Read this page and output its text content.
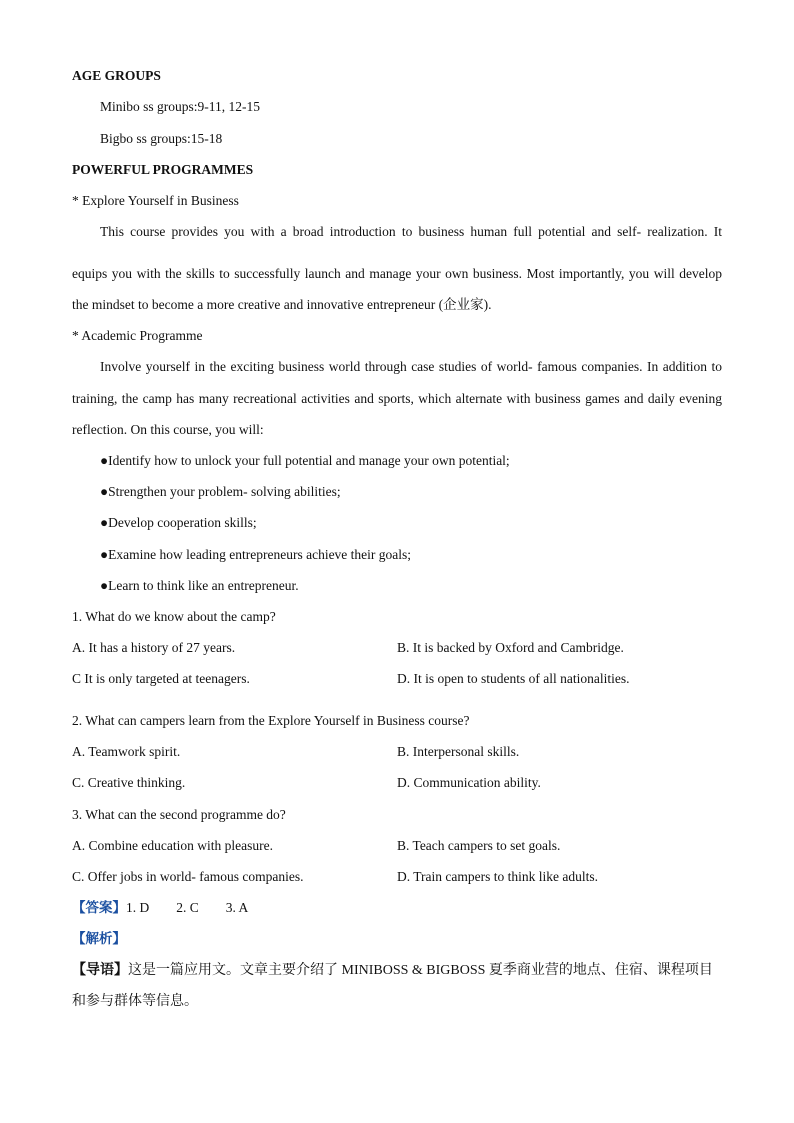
AGE GROUPS
Minibo ss groups:9-11, 12-15
Bigbo ss groups:15-18
POWERFUL PROGRAMMES
* Explore Yourself in Business
This course provides you with a broad introduction to business human full potential and self- realization. It
equips you with the skills to successfully launch and manage your own business. Most importantly, you will develop
the mindset to become a more creative and innovative entrepreneur (企业家).
* Academic Programme
Involve yourself in the exciting business world through case studies of world- famous companies. In addition to
training, the camp has many recreational activities and sports, which alternate with business games and daily evening
reflection. On this course, you will:
●Identify how to unlock your full potential and manage your own potential;
●Strengthen your problem- solving abilities;
●Develop cooperation skills;
●Examine how leading entrepreneurs achieve their goals;
●Learn to think like an entrepreneur.
1. What do we know about the camp?
A. It has a history of 27 years.	B. It is backed by Oxford and Cambridge.
C It is only targeted at teenagers.	D. It is open to students of all nationalities.
2. What can campers learn from the Explore Yourself in Business course?
A. Teamwork spirit.	B. Interpersonal skills.
C. Creative thinking.	D. Communication ability.
3. What can the second programme do?
A. Combine education with pleasure.	B. Teach campers to set goals.
C. Offer jobs in world- famous companies.	D. Train campers to think like adults.
【答案】1. D        2. C        3. A
【解析】
【导语】这是一篇应用文。文章主要介绍了 MINIBOSS & BIGBOSS 夏季商业营的地点、住宿、课程项目
和参与群体等信息。
